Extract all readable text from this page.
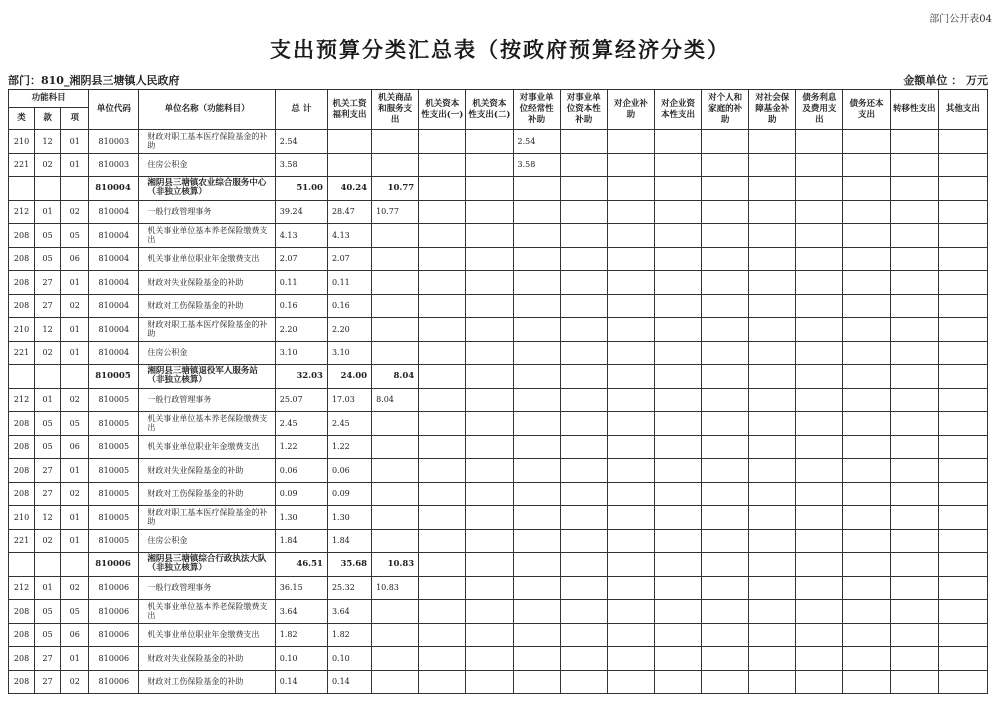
部门公开表04
支出预算分类汇总表（按政府预算经济分类）
部门：810_湘阴县三塘镇人民政府	金额单位 ： 万元
功能科目			单位代码	单位名称（功能科目）	总 计	机关工资福利支出	机关商品和服务支出	机关资本性支出(一)	机关资本性支出(二)	对事业单位经常性补助	对事业单位资本性补助	对企业补助	对企业资本性支出	对个人和家庭的补助	对社会保障基金补助	债务利息及费用支出	债务还本支出	转移性支出	其他支出
类	款	项																	
210	12	01	810003	财政对职工基本医疗保险基金的补助	2.54					2.54									
221	02	01	810003	住房公积金	3.58					3.58									
			810004	湘阴县三塘镇农业综合服务中心（非独立核算）	51.00	40.24	10.77												
212	01	02	810004	一般行政管理事务	39.24	28.47	10.77												
208	05	05	810004	机关事业单位基本养老保险缴费支出	4.13	4.13													
208	05	06	810004	机关事业单位职业年金缴费支出	2.07	2.07													
208	27	01	810004	财政对失业保险基金的补助	0.11	0.11													
208	27	02	810004	财政对工伤保险基金的补助	0.16	0.16													
210	12	01	810004	财政对职工基本医疗保险基金的补助	2.20	2.20													
221	02	01	810004	住房公积金	3.10	3.10													
			810005	湘阴县三塘镇退役军人服务站（非独立核算）	32.03	24.00	8.04												
212	01	02	810005	一般行政管理事务	25.07	17.03	8.04												
208	05	05	810005	机关事业单位基本养老保险缴费支出	2.45	2.45													
208	05	06	810005	机关事业单位职业年金缴费支出	1.22	1.22													
208	27	01	810005	财政对失业保险基金的补助	0.06	0.06													
208	27	02	810005	财政对工伤保险基金的补助	0.09	0.09													
210	12	01	810005	财政对职工基本医疗保险基金的补助	1.30	1.30													
221	02	01	810005	住房公积金	1.84	1.84													
			810006	湘阴县三塘镇综合行政执法大队（非独立核算）	46.51	35.68	10.83												
212	01	02	810006	一般行政管理事务	36.15	25.32	10.83												
208	05	05	810006	机关事业单位基本养老保险缴费支出	3.64	3.64													
208	05	06	810006	机关事业单位职业年金缴费支出	1.82	1.82													
208	27	01	810006	财政对失业保险基金的补助	0.10	0.10													
208	27	02	810006	财政对工伤保险基金的补助	0.14	0.14													
